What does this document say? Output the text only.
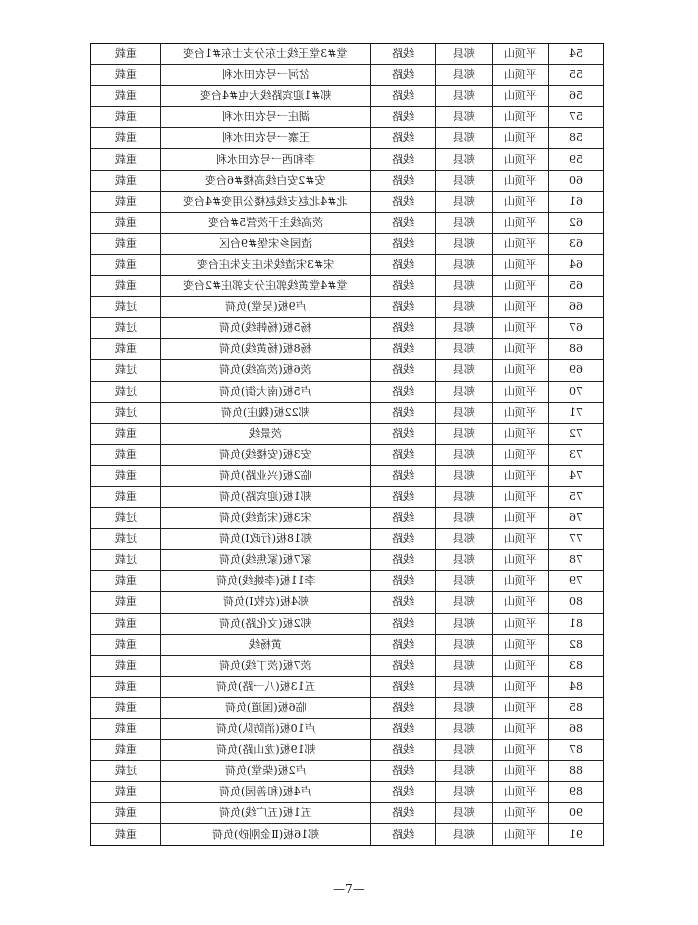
重载	堂#3堂王线士东分支士东#1台变	线路	郏县	平顶山	54
重载	岔河一号农田水利	线路	郏县	平顶山	55
重载	郏#1迎宾路线大屯#4台变	线路	郏县	平顶山	56
重载	湖庄一号农田水利	线路	郏县	平顶山	57
重载	王寨一号农田水利	线路	郏县	平顶山	58
重载	李和西一号农田水利	线路	郏县	平顶山	59
重载	安#2安白线高楼#6台变	线路	郏县	平顶山	60
重载	北#4北赵支线赵楼公用变#4台变	线路	郏县	平顶山	61
重载	茨高线主干茨营5#台变	线路	郏县	平顶山	62
重载	渣园乡宋堡#9台区	线路	郏县	平顶山	63
重载	宋#3宋渣线朱庄支朱庄台变	线路	郏县	平顶山	64
重载	堂#4堂黄线郭庄分支郭庄#2台变	线路	郏县	平顶山	65
过载	卢9板(吴堂)负荷	线路	郏县	平顶山	66
过载	杨5板(杨韩线)负荷	线路	郏县	平顶山	67
重载	杨8板(杨黄线)负荷	线路	郏县	平顶山	68
过载	茨6板(茨高线)负荷	线路	郏县	平顶山	69
过载	卢5板(南大街)负荷	线路	郏县	平顶山	70
过载	郏22板(魏庄)负荷	线路	郏县	平顶山	71
重载	茨景线	线路	郏县	平顶山	72
重载	安3板(安楼线)负荷	线路	郏县	平顶山	73
重载	临2板(兴业路)负荷	线路	郏县	平顶山	74
重载	郏1板(迎宾路)负荷	线路	郏县	平顶山	75
过载	宋3板(宋渣线)负荷	线路	郏县	平顶山	76
过载	郏18板(行政Ⅰ)负荷	线路	郏县	平顶山	77
过载	冢7板(冢焦线)负荷	线路	郏县	平顶山	78
重载	李11板(李姚线)负荷	线路	郏县	平顶山	79
重载	郏4板(农牧Ⅰ)负荷	线路	郏县	平顶山	80
重载	郏2板(文化路)负荷	线路	郏县	平顶山	81
重载	黄杨线	线路	郏县	平顶山	82
重载	茨7板(茨丁线)负荷	线路	郏县	平顶山	83
重载	五13板(八一路)负荷	线路	郏县	平顶山	84
重载	临6板(国道)负荷	线路	郏县	平顶山	85
重载	卢10板(消防队)负荷	线路	郏县	平顶山	86
重载	郏19板(龙山路)负荷	线路	郏县	平顶山	87
过载	卢2板(柴堂)负荷	线路	郏县	平顶山	88
重载	卢4板(和善园)负荷	线路	郏县	平顶山	89
重载	五1板(五广线)负荷	线路	郏县	平顶山	90
重载	郏16板(Ⅱ金刚砂)负荷	线路	郏县	平顶山	91
—7—
